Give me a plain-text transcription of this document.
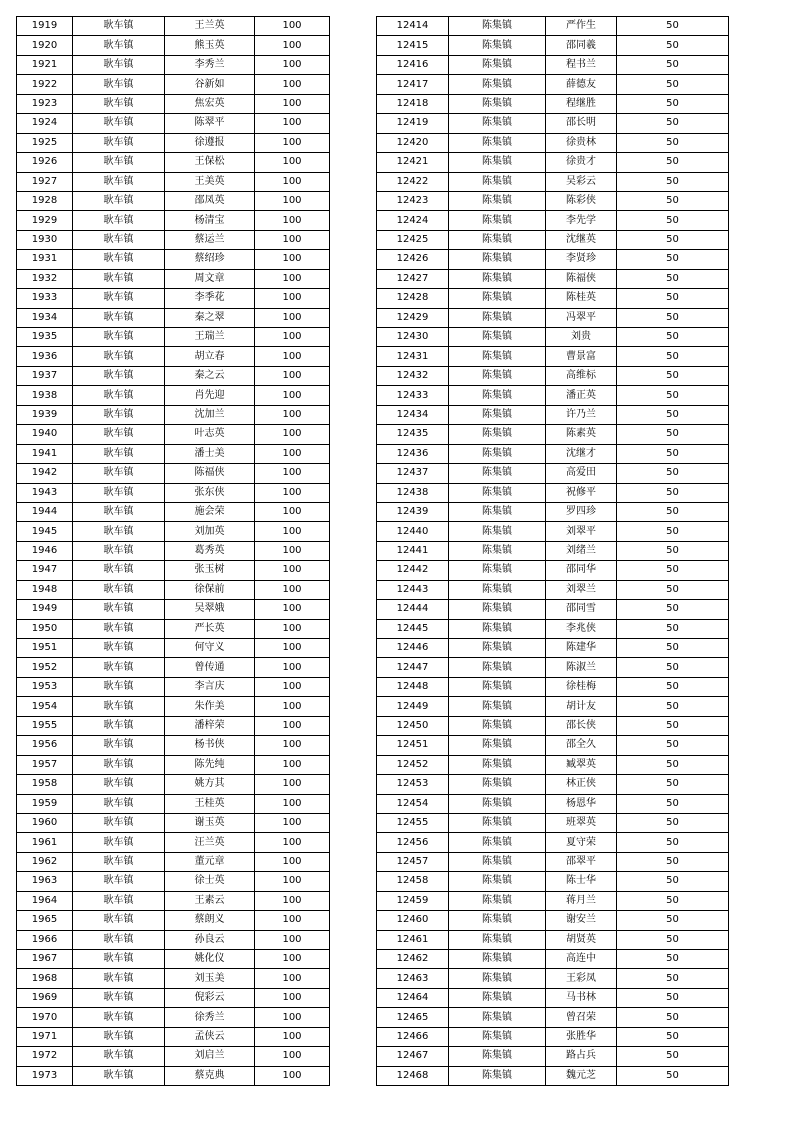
1919	耿车镇	王兰英	100
1920	耿车镇	熊玉英	100
1921	耿车镇	李秀兰	100
1922	耿车镇	谷新如	100
1923	耿车镇	焦宏英	100
1924	耿车镇	陈翠平	100
1925	耿车镇	徐遵报	100
1926	耿车镇	王保松	100
1927	耿车镇	王美英	100
1928	耿车镇	邵凤英	100
1929	耿车镇	杨清宝	100
1930	耿车镇	蔡运兰	100
1931	耿车镇	蔡绍珍	100
1932	耿车镇	周文章	100
1933	耿车镇	李季花	100
1934	耿车镇	秦之翠	100
1935	耿车镇	王瑞兰	100
1936	耿车镇	胡立春	100
1937	耿车镇	秦之云	100
1938	耿车镇	肖先迎	100
1939	耿车镇	沈加兰	100
1940	耿车镇	叶志英	100
1941	耿车镇	潘士美	100
1942	耿车镇	陈福侠	100
1943	耿车镇	张东侠	100
1944	耿车镇	施会荣	100
1945	耿车镇	刘加英	100
1946	耿车镇	葛秀英	100
1947	耿车镇	张玉树	100
1948	耿车镇	徐保前	100
1949	耿车镇	吴翠娥	100
1950	耿车镇	严长英	100
1951	耿车镇	何守义	100
1952	耿车镇	曾传通	100
1953	耿车镇	李言庆	100
1954	耿车镇	朱作美	100
1955	耿车镇	潘梓荣	100
1956	耿车镇	杨书侠	100
1957	耿车镇	陈先纯	100
1958	耿车镇	姚方其	100
1959	耿车镇	王桂英	100
1960	耿车镇	谢玉英	100
1961	耿车镇	汪兰英	100
1962	耿车镇	董元章	100
1963	耿车镇	徐士英	100
1964	耿车镇	王素云	100
1965	耿车镇	蔡朗义	100
1966	耿车镇	孙良云	100
1967	耿车镇	姚化仪	100
1968	耿车镇	刘玉美	100
1969	耿车镇	倪彩云	100
1970	耿车镇	徐秀兰	100
1971	耿车镇	孟侠云	100
1972	耿车镇	刘启兰	100
1973	耿车镇	蔡克典	100
12414	陈集镇	严作生	50
12415	陈集镇	邵同羲	50
12416	陈集镇	程书兰	50
12417	陈集镇	薛德友	50
12418	陈集镇	程继胜	50
12419	陈集镇	邵长明	50
12420	陈集镇	徐贵林	50
12421	陈集镇	徐贵才	50
12422	陈集镇	吴彩云	50
12423	陈集镇	陈彩侠	50
12424	陈集镇	李先学	50
12425	陈集镇	沈继英	50
12426	陈集镇	李贤珍	50
12427	陈集镇	陈福侠	50
12428	陈集镇	陈桂英	50
12429	陈集镇	冯翠平	50
12430	陈集镇	刘贵	50
12431	陈集镇	曹景富	50
12432	陈集镇	高维标	50
12433	陈集镇	潘正英	50
12434	陈集镇	许乃兰	50
12435	陈集镇	陈素英	50
12436	陈集镇	沈继才	50
12437	陈集镇	高爱田	50
12438	陈集镇	祝修平	50
12439	陈集镇	罗四珍	50
12440	陈集镇	刘翠平	50
12441	陈集镇	刘绪兰	50
12442	陈集镇	邵同华	50
12443	陈集镇	刘翠兰	50
12444	陈集镇	邵同雪	50
12445	陈集镇	李兆侠	50
12446	陈集镇	陈建华	50
12447	陈集镇	陈淑兰	50
12448	陈集镇	徐桂梅	50
12449	陈集镇	胡计友	50
12450	陈集镇	邵长侠	50
12451	陈集镇	邵全久	50
12452	陈集镇	臧翠英	50
12453	陈集镇	林正侠	50
12454	陈集镇	杨恩华	50
12455	陈集镇	班翠英	50
12456	陈集镇	夏守荣	50
12457	陈集镇	邵翠平	50
12458	陈集镇	陈士华	50
12459	陈集镇	蒋月兰	50
12460	陈集镇	谢安兰	50
12461	陈集镇	胡贤英	50
12462	陈集镇	高连中	50
12463	陈集镇	王彩凤	50
12464	陈集镇	马书林	50
12465	陈集镇	曾召荣	50
12466	陈集镇	张胜华	50
12467	陈集镇	路占兵	50
12468	陈集镇	魏元芝	50
